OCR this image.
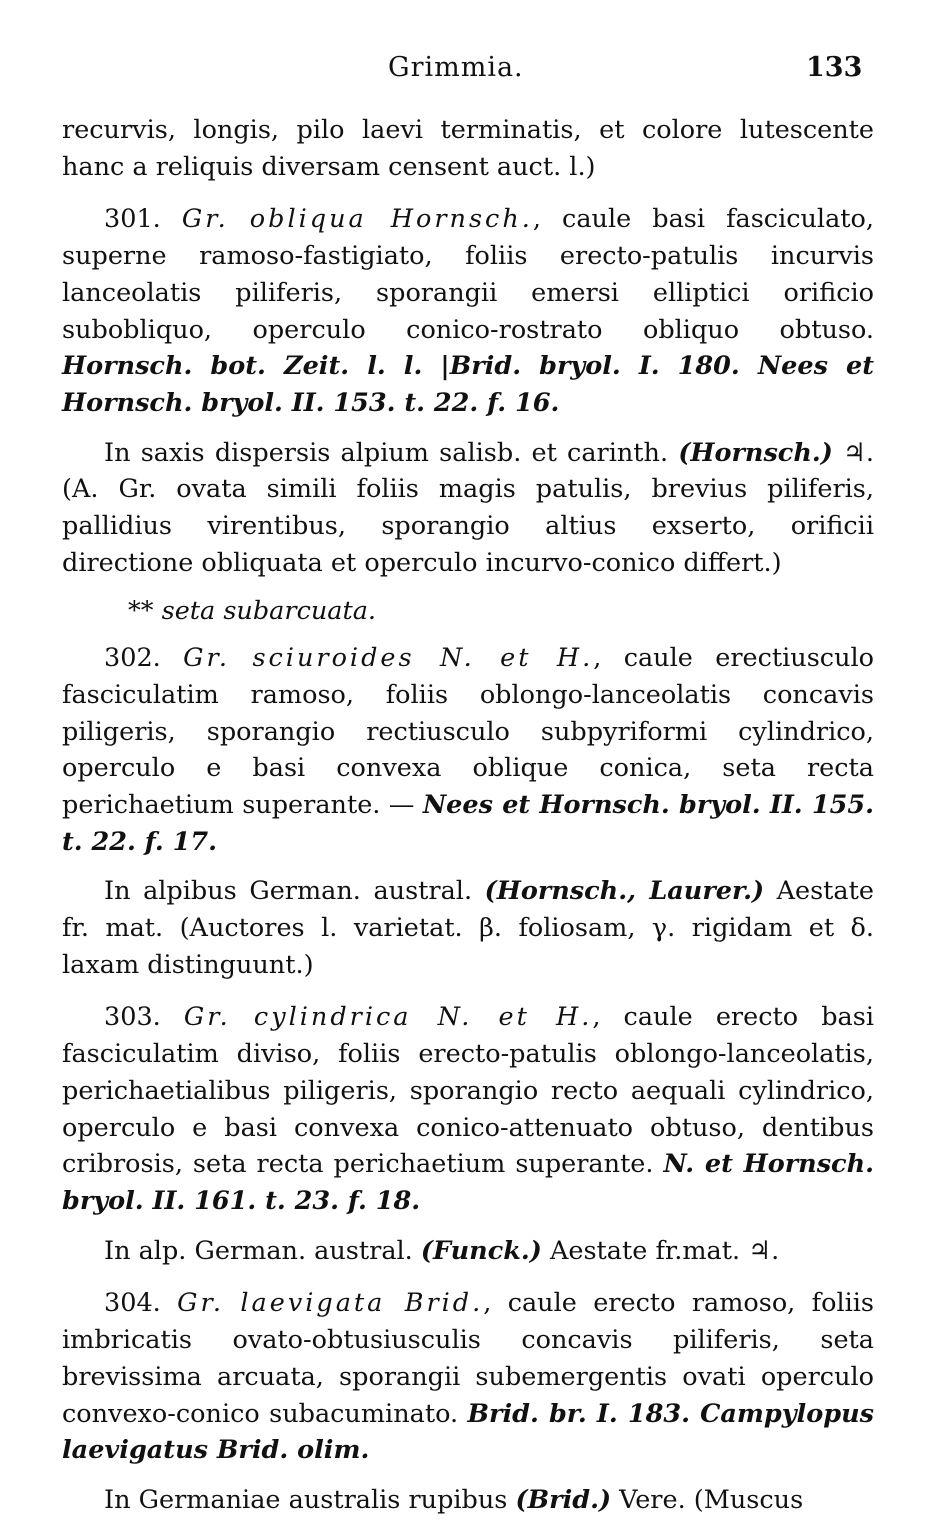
Grimmia.	133

recurvis, longis, pilo laevi terminatis, et colore lutescente hanc a reliquis diversam censent auct. l.)

301. Gr. obliqua Hornsch., caule basi fasciculato, superne ramoso-fastigiato, foliis erecto-patulis incurvis lanceolatis piliferis, sporangii emersi elliptici orificio subobliquo, operculo conico-rostrato obliquo obtuso. Hornsch. bot. Zeit. l. l. |Brid. bryol. I. 180. Nees et Hornsch. bryol. II. 153. t. 22. f. 16.

In saxis dispersis alpium salisb. et carinth. (Hornsch.) ♃. (A. Gr. ovata simili foliis magis patulis, brevius piliferis, pallidius virentibus, sporangio altius exserto, orificii directione obliquata et operculo incurvo-conico differt.)

** seta subarcuata.

302. Gr. sciuroides N. et H., caule erectiusculo fasciculatim ramoso, foliis oblongo-lanceolatis concavis piligeris, sporangio rectiusculo subpyriformi cylindrico, operculo e basi convexa oblique conica, seta recta perichaetium superante. — Nees et Hornsch. bryol. II. 155. t. 22. f. 17.

In alpibus German. austral. (Hornsch., Laurer.) Aestate fr. mat. (Auctores l. varietat. β. foliosam, γ. rigidam et δ. laxam distinguunt.)

303. Gr. cylindrica N. et H., caule erecto basi fasciculatim diviso, foliis erecto-patulis oblongo-lanceolatis, perichaetialibus piligeris, sporangio recto aequali cylindrico, operculo e basi convexa conico-attenuato obtuso, dentibus cribrosis, seta recta perichaetium superante. N. et Hornsch. bryol. II. 161. t. 23. f. 18.

In alp. German. austral. (Funck.) Aestate fr.mat. ♃.

304. Gr. laevigata Brid., caule erecto ramoso, foliis imbricatis ovato-obtusiusculis concavis piliferis, seta brevissima arcuata, sporangii subemergentis ovati operculo convexo-conico subacuminato. Brid. br. I. 183. Campylopus laevigatus Brid. olim.

In Germaniae australis rupibus (Brid.) Vere. (Muscus
